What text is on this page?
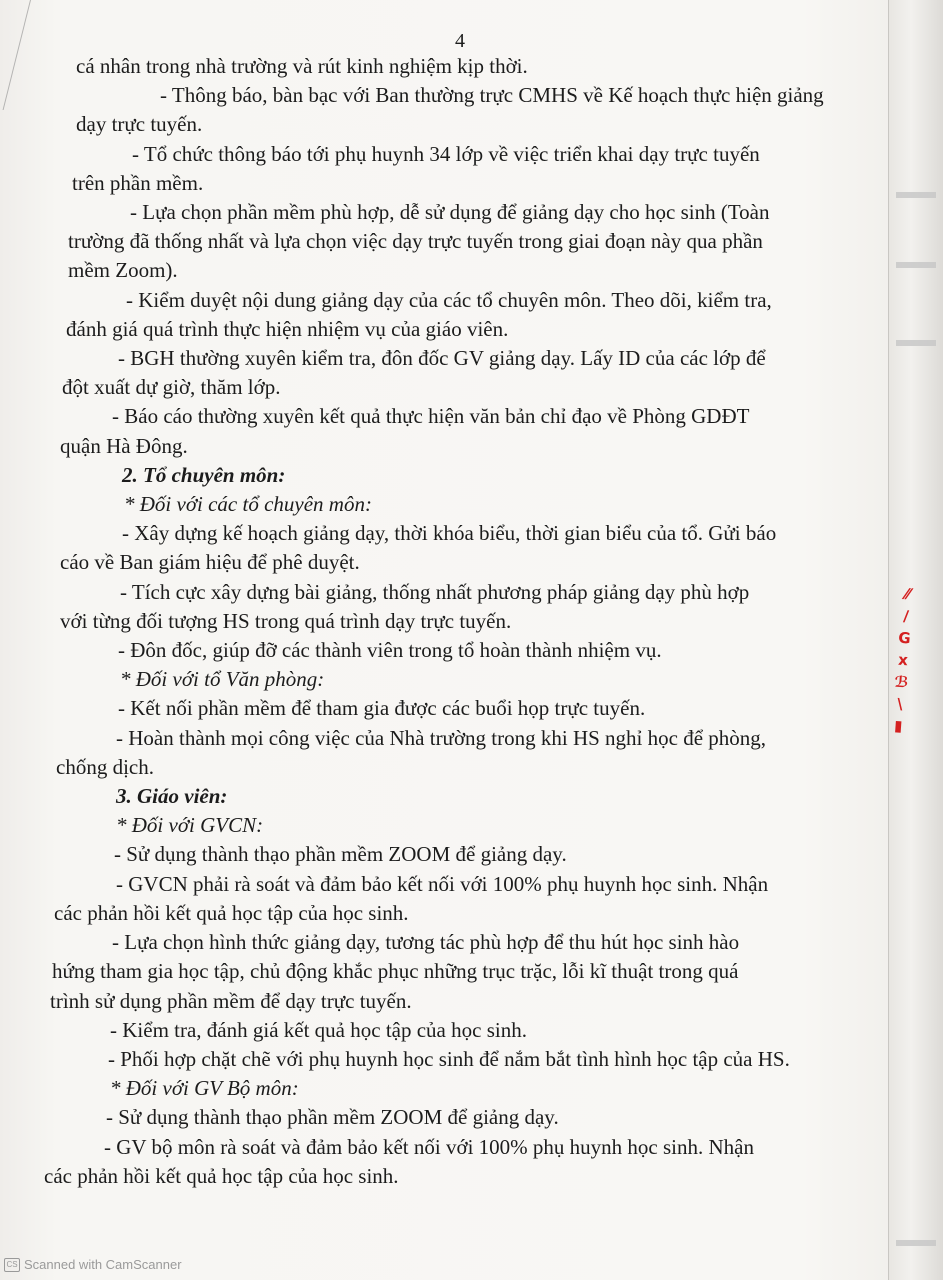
⁄⁄
/
G
x
ℬ
\
▮
4
cá nhân trong nhà trường và rút kinh nghiệm kịp thời.
- Thông báo, bàn bạc với Ban thường trực CMHS về Kế hoạch thực hiện giảng
dạy trực tuyến.
- Tổ chức thông báo tới phụ huynh 34 lớp về việc triển khai dạy trực tuyến
trên phần mềm.
- Lựa chọn phần mềm phù hợp, dễ sử dụng để giảng dạy cho học sinh (Toàn
trường đã thống nhất và lựa chọn việc dạy trực tuyến trong giai đoạn này qua phần
mềm Zoom).
- Kiểm duyệt nội dung giảng dạy của các tổ chuyên môn. Theo dõi, kiểm tra,
đánh giá quá trình thực hiện nhiệm vụ của giáo viên.
- BGH thường xuyên kiểm tra, đôn đốc GV giảng dạy. Lấy ID của các lớp để
đột xuất dự giờ, thăm lớp.
- Báo cáo thường xuyên kết quả thực hiện văn bản chỉ đạo về Phòng GDĐT
quận Hà Đông.
2. Tổ chuyên môn:
* Đối với các tổ chuyên môn:
- Xây dựng kế hoạch giảng dạy, thời khóa biểu, thời gian biểu của tổ. Gửi báo
cáo về Ban giám hiệu để phê duyệt.
- Tích cực xây dựng bài giảng, thống nhất phương pháp giảng dạy phù hợp
với từng đối tượng HS trong quá trình dạy trực tuyến.
- Đôn đốc, giúp đỡ các thành viên trong tổ hoàn thành nhiệm vụ.
* Đối với tổ Văn phòng:
- Kết nối phần mềm để tham gia được các buổi họp trực tuyến.
- Hoàn thành mọi công việc của Nhà trường trong khi HS nghỉ học để phòng,
chống dịch.
3. Giáo viên:
* Đối với GVCN:
- Sử dụng thành thạo phần mềm ZOOM để giảng dạy.
- GVCN phải rà soát và đảm bảo kết nối với 100% phụ huynh học sinh. Nhận
các phản hồi kết quả học tập của học sinh.
- Lựa chọn hình thức giảng dạy, tương tác phù hợp để thu hút học sinh hào
hứng tham gia học tập, chủ động khắc phục những trục trặc, lỗi kĩ thuật trong quá
trình sử dụng phần mềm để dạy trực tuyến.
- Kiểm tra, đánh giá kết quả học tập của học sinh.
- Phối hợp chặt chẽ với phụ huynh học sinh để nắm bắt tình hình học tập của HS.
* Đối với GV Bộ môn:
- Sử dụng thành thạo phần mềm ZOOM để giảng dạy.
- GV bộ môn rà soát và đảm bảo kết nối với 100% phụ huynh học sinh. Nhận
các phản hồi kết quả học tập của học sinh.
CS Scanned with CamScanner
